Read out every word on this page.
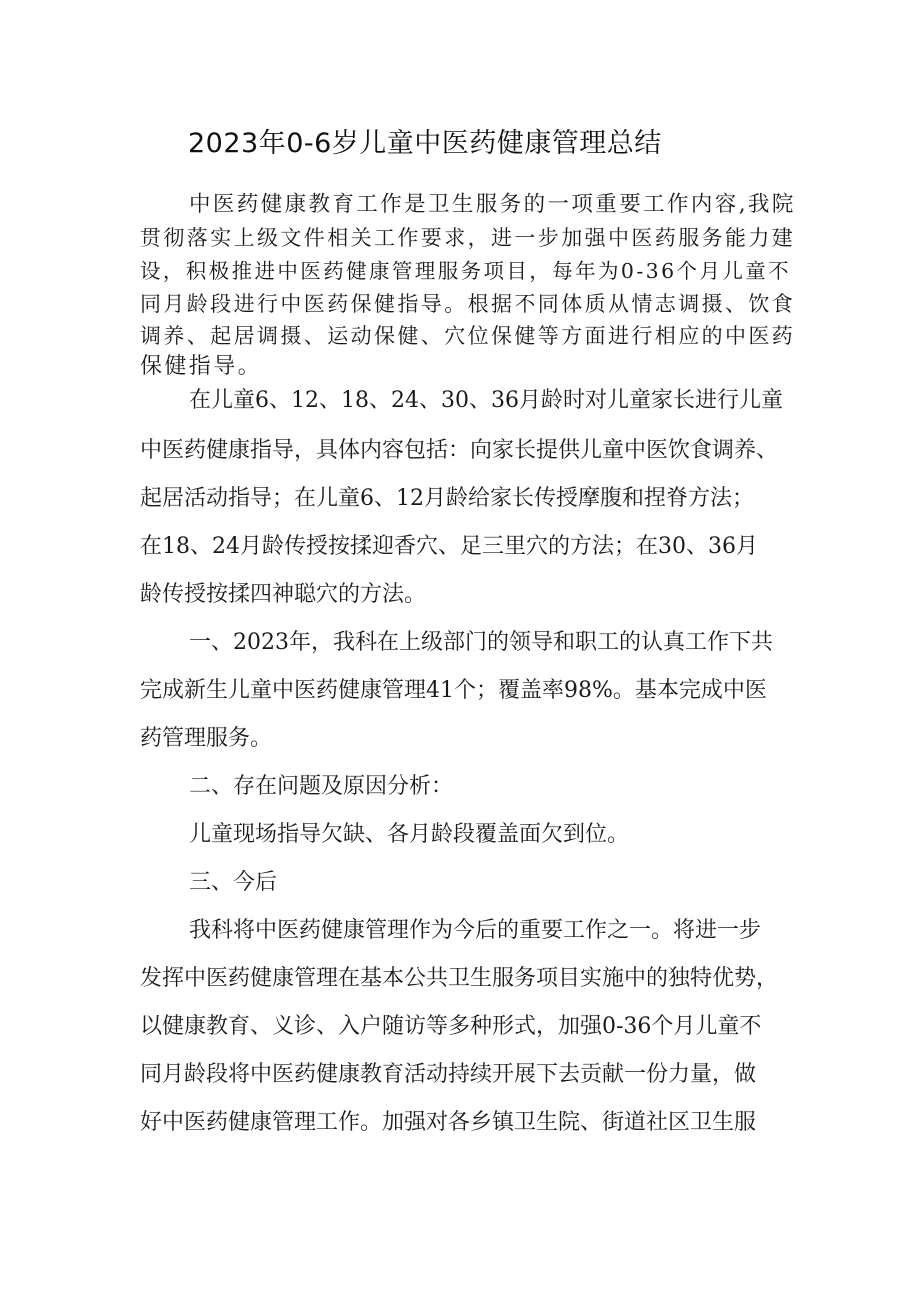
2023年0-6岁儿童中医药健康管理总结
中医药健康教育工作是卫生服务的一项重要工作内容,我院
贯彻落实上级文件相关工作要求，进一步加强中医药服务能力建
设，积极推进中医药健康管理服务项目，每年为0-36个月儿童不
同月龄段进行中医药保健指导。根据不同体质从情志调摄、饮食
调养、起居调摄、运动保健、穴位保健等方面进行相应的中医药
保健指导。
在儿童6、12、18、24、30、36月龄时对儿童家长进行儿童
中医药健康指导，具体内容包括：向家长提供儿童中医饮食调养、
起居活动指导；在儿童6、12月龄给家长传授摩腹和捏脊方法；
在18、24月龄传授按揉迎香穴、足三里穴的方法；在30、36月
龄传授按揉四神聪穴的方法。
一、2023年，我科在上级部门的领导和职工的认真工作下共
完成新生儿童中医药健康管理41个；覆盖率98%。基本完成中医
药管理服务。
二、存在问题及原因分析：
儿童现场指导欠缺、各月龄段覆盖面欠到位。
三、今后
我科将中医药健康管理作为今后的重要工作之一。将进一步
发挥中医药健康管理在基本公共卫生服务项目实施中的独特优势，
以健康教育、义诊、入户随访等多种形式，加强0-36个月儿童不
同月龄段将中医药健康教育活动持续开展下去贡献一份力量，做
好中医药健康管理工作。加强对各乡镇卫生院、街道社区卫生服
